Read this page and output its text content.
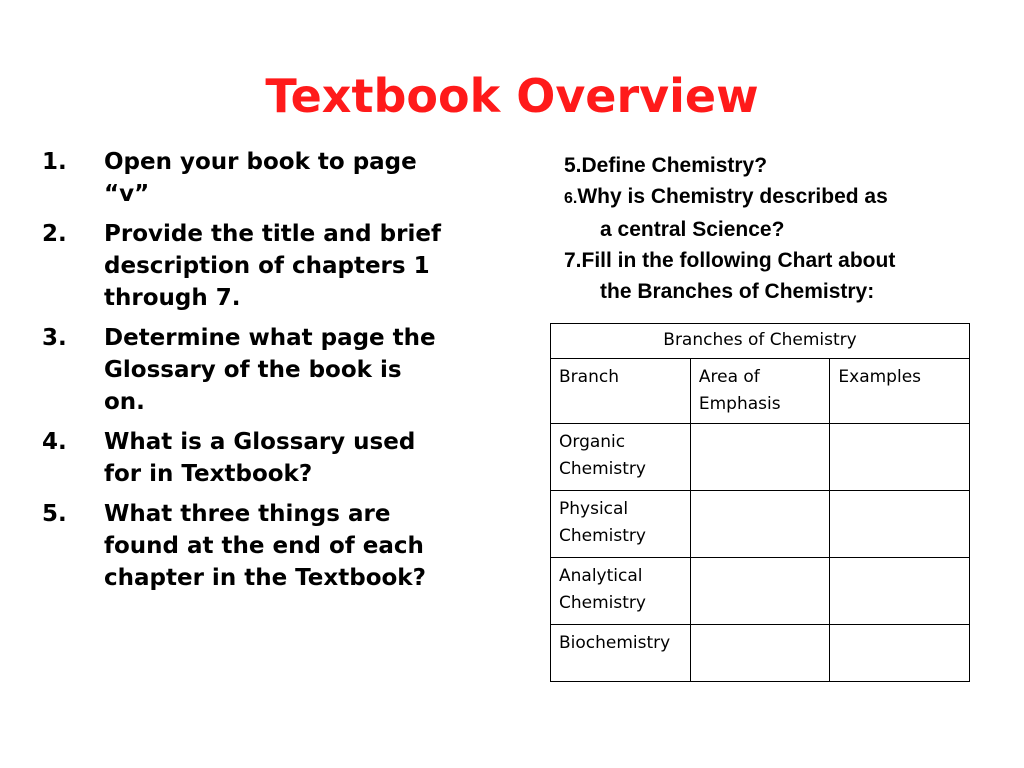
Textbook Overview
1.	Open your book to page
“v”
2.	Provide the title and brief
description of chapters 1
through 7.
3.	Determine what page the
Glossary of the book is
on.
4.	What is a Glossary used
for in Textbook?
5.	What three things are
found at the end of each
chapter in the Textbook?

5.Define Chemistry?

6.Why is Chemistry described as

a central Science?

7.Fill in the following Chart about

the Branches of Chemistry:

Branches of Chemistry		
Branch	Area of Emphasis	Examples
Organic Chemistry		
Physical Chemistry		
Analytical Chemistry		
Biochemistry		
